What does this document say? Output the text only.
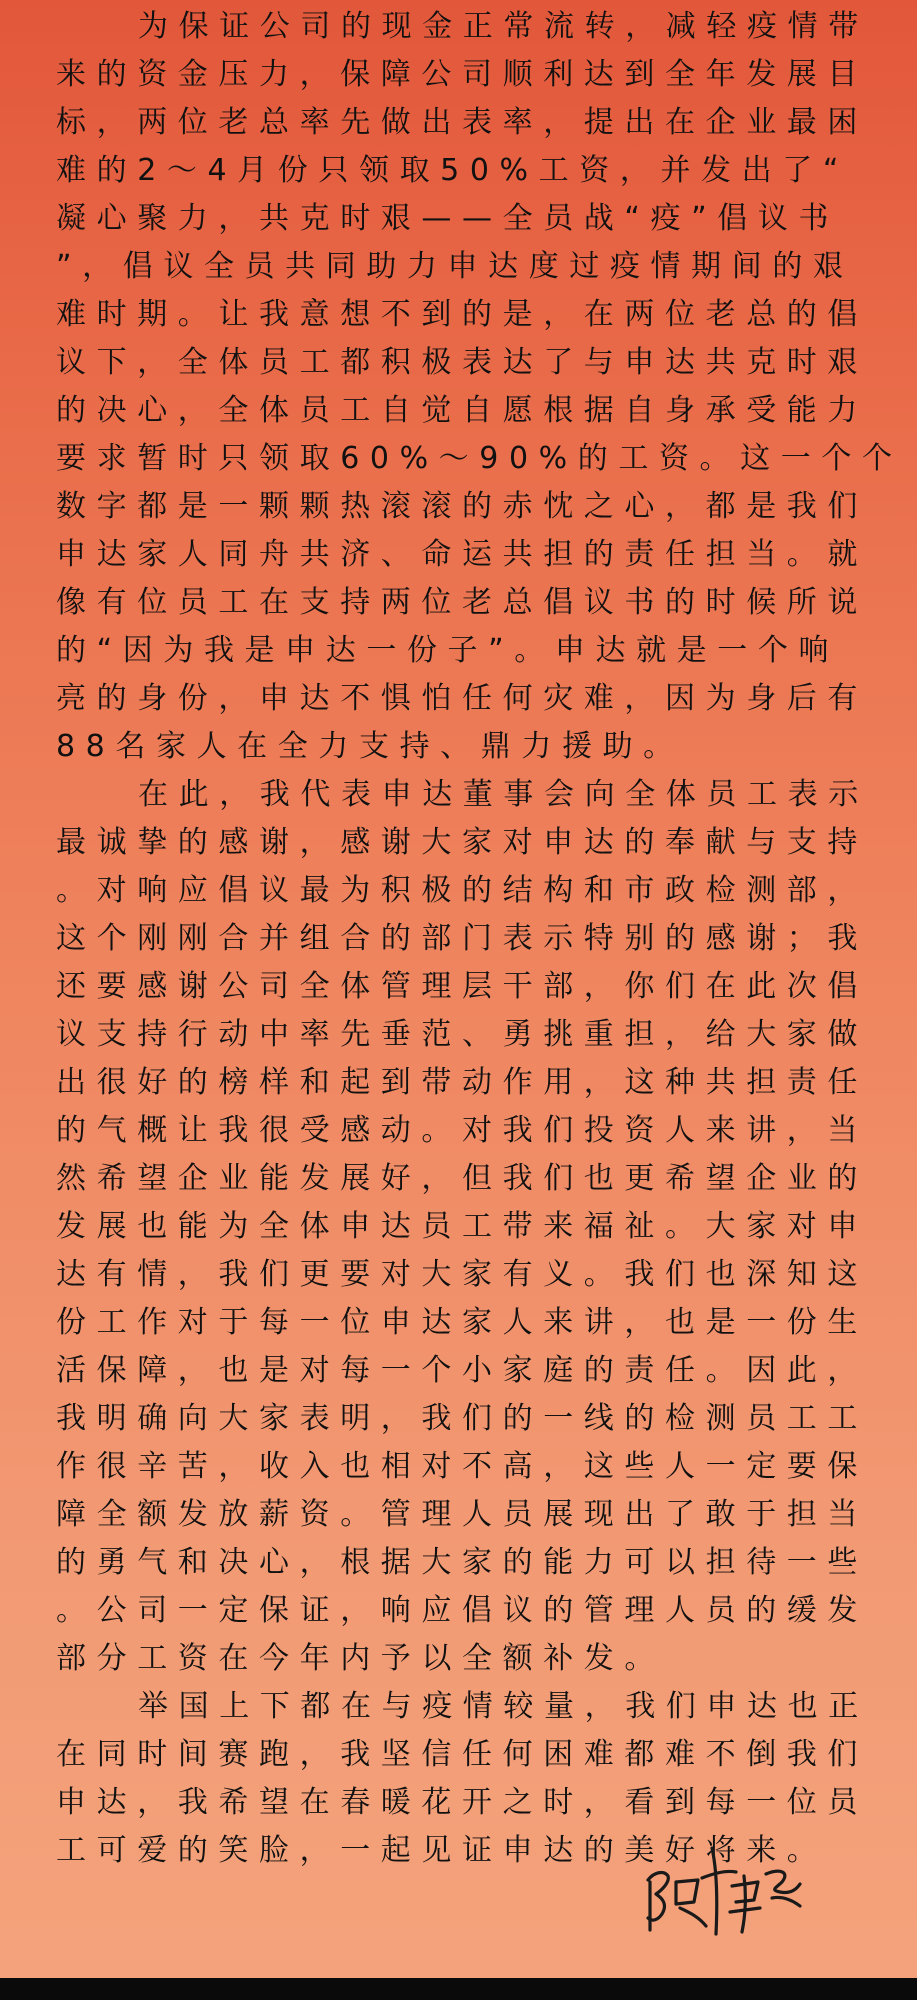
为保证公司的现金正常流转，减轻疫情带
来的资金压力，保障公司顺利达到全年发展目
标，两位老总率先做出表率，提出在企业最困
难的2～4月份只领取50%工资，并发出了“
凝心聚力，共克时艰——全员战“疫”倡议书
”，倡议全员共同助力申达度过疫情期间的艰
难时期。让我意想不到的是，在两位老总的倡
议下，全体员工都积极表达了与申达共克时艰
的决心，全体员工自觉自愿根据自身承受能力
要求暂时只领取60%～90%的工资。这一个个
数字都是一颗颗热滚滚的赤忱之心，都是我们
申达家人同舟共济、命运共担的责任担当。就
像有位员工在支持两位老总倡议书的时候所说
的“因为我是申达一份子”。申达就是一个响
亮的身份，申达不惧怕任何灾难，因为身后有
88名家人在全力支持、鼎力援助。
在此，我代表申达董事会向全体员工表示
最诚挚的感谢，感谢大家对申达的奉献与支持
。对响应倡议最为积极的结构和市政检测部，
这个刚刚合并组合的部门表示特别的感谢；我
还要感谢公司全体管理层干部，你们在此次倡
议支持行动中率先垂范、勇挑重担，给大家做
出很好的榜样和起到带动作用，这种共担责任
的气概让我很受感动。对我们投资人来讲，当
然希望企业能发展好，但我们也更希望企业的
发展也能为全体申达员工带来福祉。大家对申
达有情，我们更要对大家有义。我们也深知这
份工作对于每一位申达家人来讲，也是一份生
活保障，也是对每一个小家庭的责任。因此，
我明确向大家表明，我们的一线的检测员工工
作很辛苦，收入也相对不高，这些人一定要保
障全额发放薪资。管理人员展现出了敢于担当
的勇气和决心，根据大家的能力可以担待一些
。公司一定保证，响应倡议的管理人员的缓发
部分工资在今年内予以全额补发。
举国上下都在与疫情较量，我们申达也正
在同时间赛跑，我坚信任何困难都难不倒我们
申达，我希望在春暖花开之时，看到每一位员
工可爱的笑脸，一起见证申达的美好将来。
